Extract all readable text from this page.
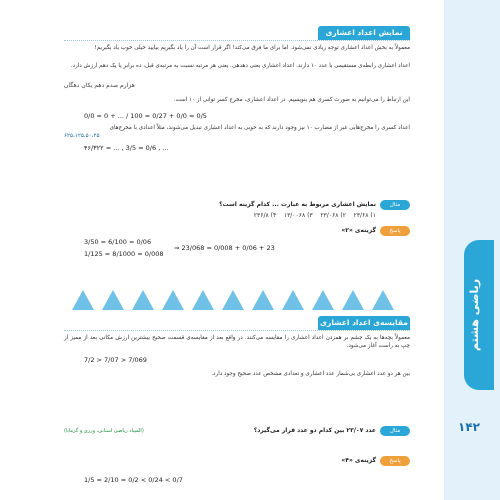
نمایش اعداد اعشاری
معمولاً به بخش اعداد اعشاری توجه زیادی نمی‌شود. اما برای ما فرق می‌کند! اگر قرار است آن را یاد بگیریم بیایید خیلی خوب یاد بگیریم!
اعداد اعشاری رابطه‌ی مستقیمی با عدد ۱۰ دارند. اعداد اعشاری یعنی دهدهی. یعنی هر مرتبه نسبت به مرتبه‌ی قبل، ده برابر یا یک دهم ارزش دارد.
هزارم صدم دهم یکان دهگان
این ارتباط را می‌توانیم به صورت کسری هم بنویسیم. در اعداد اعشاری، مخرج کسر توانی از ۱۰ است.
0/0 = 0 + ... / 100 = 0/27 + 0/0 = 0/5
اعداد کسری را مخرج‌هایی غیر از مضارب ۱۰ نیز وجود دارند که به خوبی به اعداد اعشاری تبدیل می‌شوند، مثلاً اعدادی با مخرج‌های
۶۲۵،۱۲۵،۵۰،۲۵
۴۶/۳۲۲ = ... , 3/5 = 0/6 , ...
مثال
نمایش اعشاری مربوط به عبارت ... کدام گزینه است؟
۱) ۲۳/۶۸    ۲) ۲۳/۰۶۸    ۳) ۱۳/۰۰۶۸    ۴) ۲۳۶/۸
پاسخ
گزینه‌ی «۲»
3/50 = 6/100 = 0/06
1/125 = 8/1000 = 0/008
⇒ 23/068 = 0/008 + 0/06 + 23
مقایسه‌ی اعداد اعشاری
معمولاً بچه‌ها به یک چشم بر همزدن اعداد اعشاری را مقایسه می‌کنند. در واقع بعد از مقایسه‌ی قسمت صحیح بیشترین ارزش مکانی بعد از ممیز از چپ به راست آغاز می‌شود.
7/2 > 7/07 > 7/069
بین هر دو عدد اعشاری بی‌شمار عدد اعشاری و تعدادی مشخص عدد صحیح وجود دارد.
مثال
عدد ۲۳/۰۷ بین کدام دو عدد قرار می‌گیرد؟
(المپیاد ریاضی استانی، ورزی و گرمابا)
پاسخ
گزینه‌ی «۴»
1/5 = 2/10 = 0/2 < 0/24 < 0/7
ریاضی هشتم
۱۴۲
